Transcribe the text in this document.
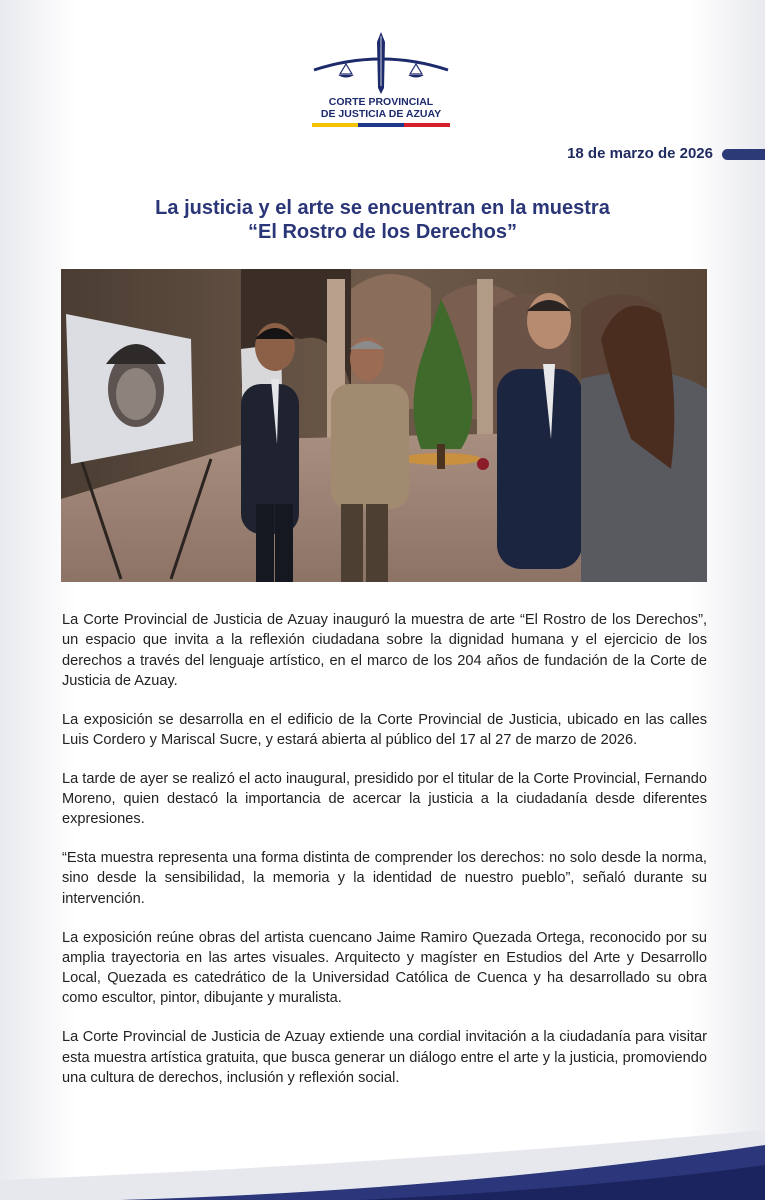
CORTE PROVINCIAL
DE JUSTICIA DE AZUAY
18 de marzo de 2026
La justicia y el arte se encuentran en la muestra
“El Rostro de los Derechos”

La Corte Provincial de Justicia de Azuay inauguró la muestra de arte “El Rostro de los Derechos”, un espacio que invita a la reflexión ciudadana sobre la dignidad humana y el ejercicio de los derechos a través del lenguaje artístico, en el marco de los 204 años de fundación de la Corte de Justicia de Azuay.

La exposición se desarrolla en el edificio de la Corte Provincial de Justicia, ubicado en las calles Luis Cordero y Mariscal Sucre, y estará abierta al público del 17 al 27 de marzo de 2026.

La tarde de ayer se realizó el acto inaugural, presidido por el titular de la Corte Provincial, Fernando Moreno, quien destacó la importancia de acercar la justicia a la ciudadanía desde diferentes expresiones.

“Esta muestra representa una forma distinta de comprender los derechos: no solo desde la norma, sino desde la sensibilidad, la memoria y la identidad de nuestro pueblo”, señaló durante su intervención.

La exposición reúne obras del artista cuencano Jaime Ramiro Quezada Ortega, reconocido por su amplia trayectoria en las artes visuales. Arquitecto y magíster en Estudios del Arte y Desarrollo Local, Quezada es catedrático de la Universidad Católica de Cuenca y ha desarrollado su obra como escultor, pintor, dibujante y muralista.

La Corte Provincial de Justicia de Azuay extiende una cordial invitación a la ciudadanía para visitar esta muestra artística gratuita, que busca generar un diálogo entre el arte y la justicia, promoviendo una cultura de derechos, inclusión y reflexión social.
